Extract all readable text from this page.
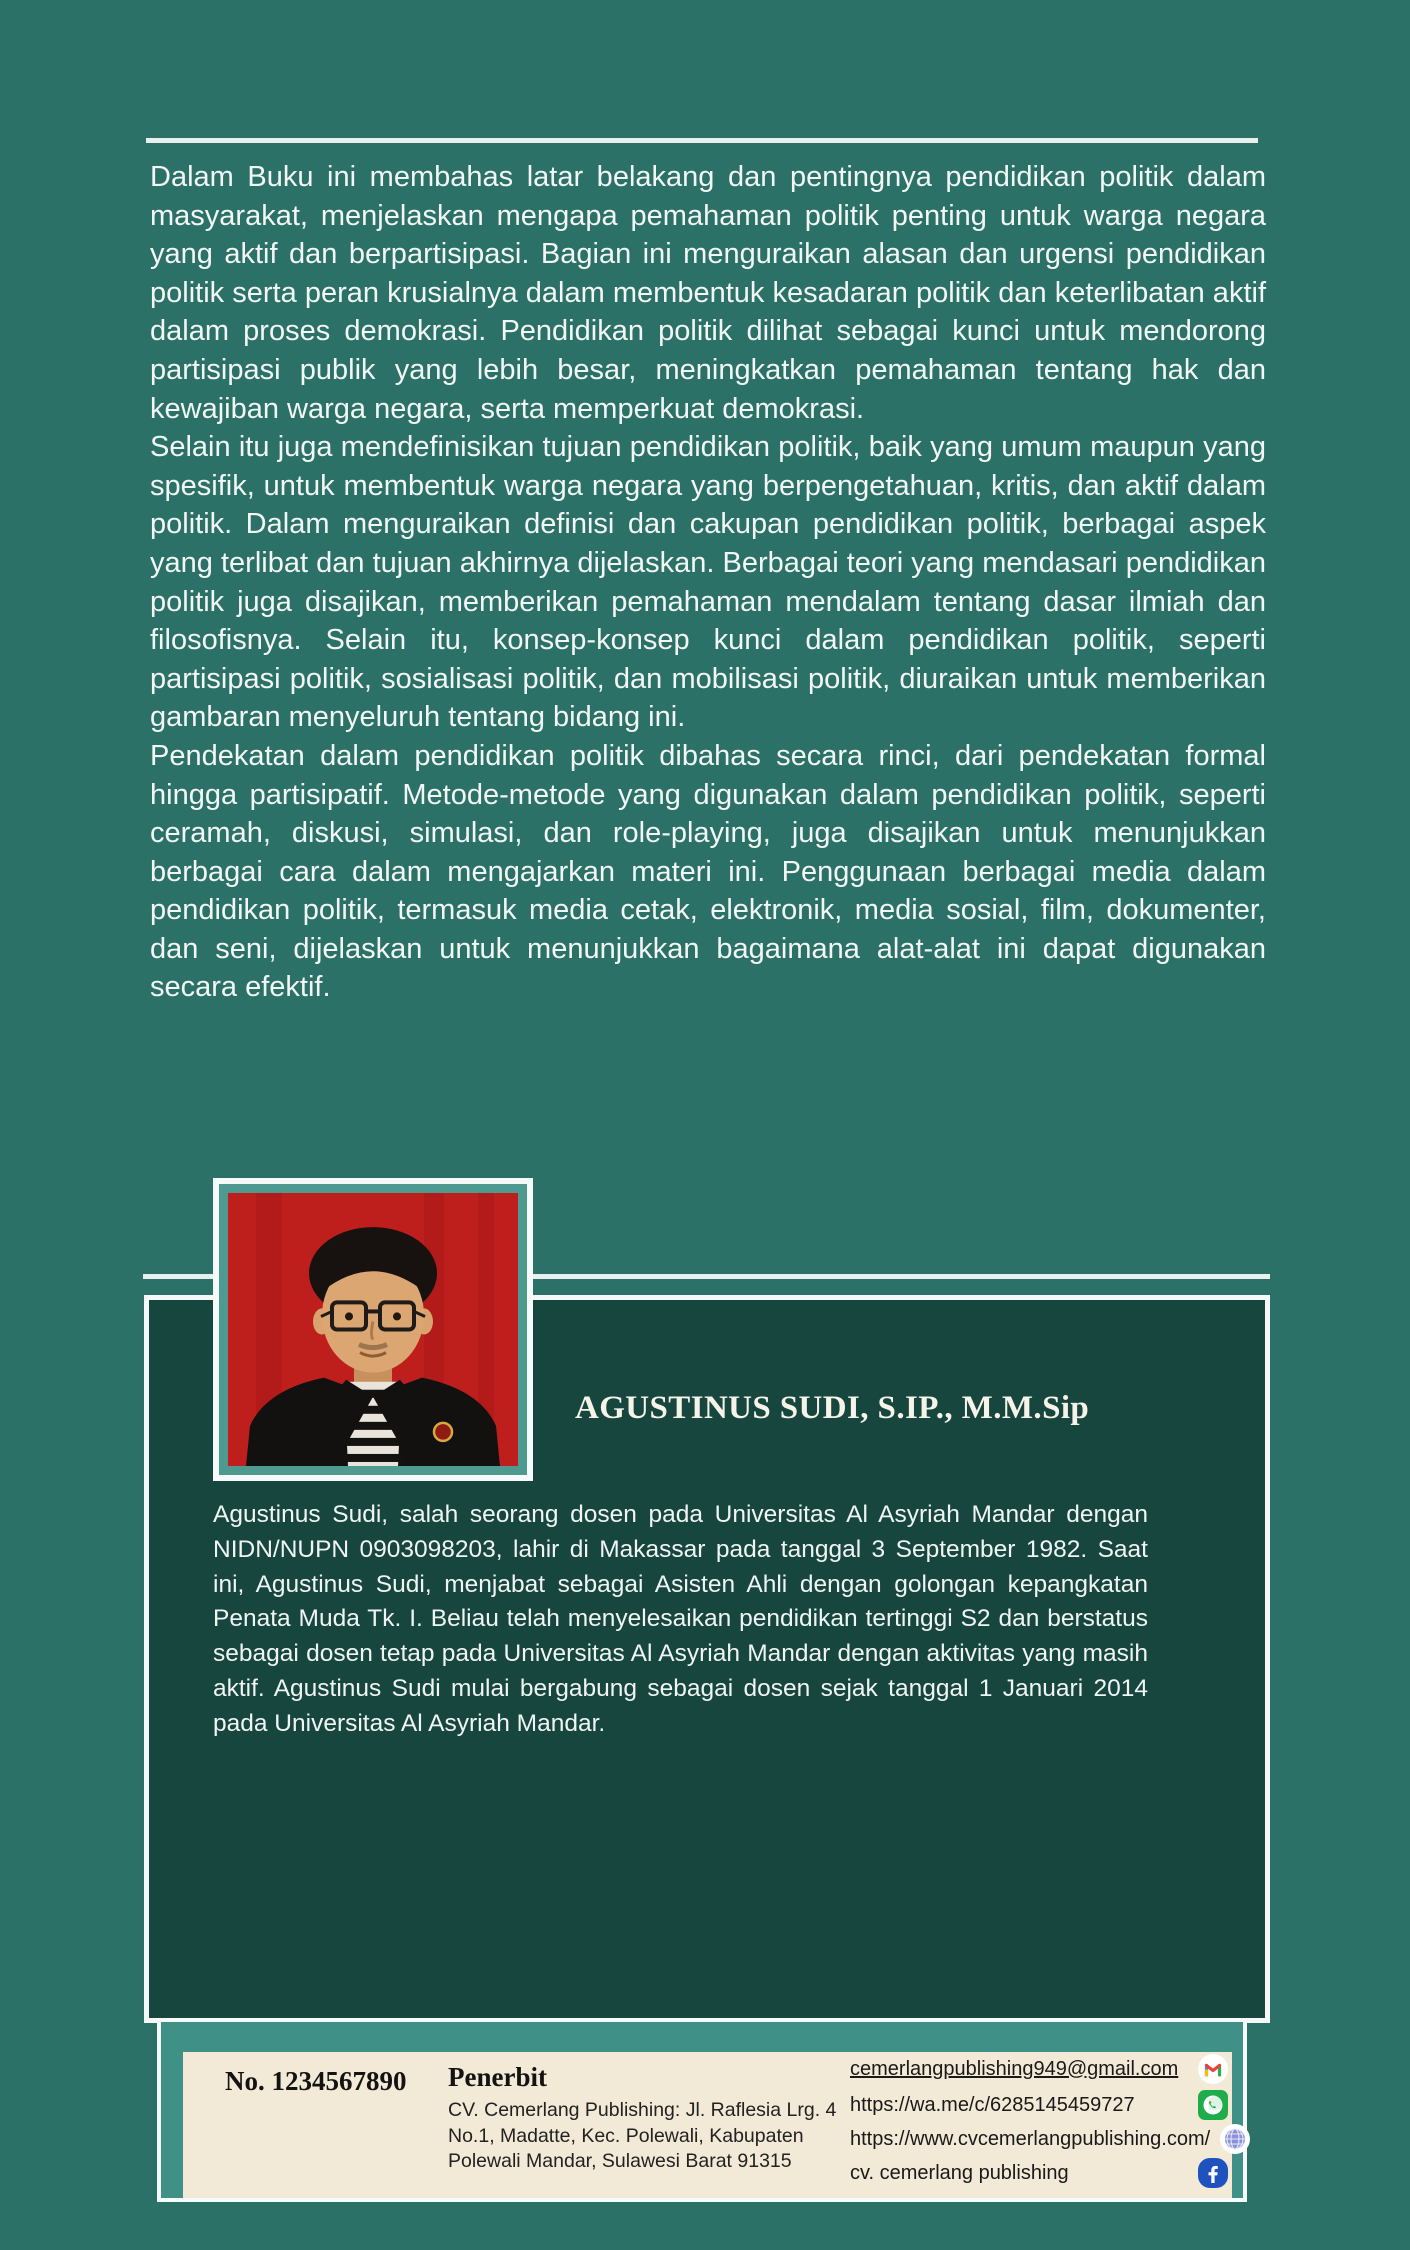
Dalam Buku ini membahas latar belakang dan pentingnya pendidikan politik dalam masyarakat, menjelaskan mengapa pemahaman politik penting untuk warga negara yang aktif dan berpartisipasi. Bagian ini menguraikan alasan dan urgensi pendidikan politik serta peran krusialnya dalam membentuk kesadaran politik dan keterlibatan aktif dalam proses demokrasi. Pendidikan politik dilihat sebagai kunci untuk mendorong partisipasi publik yang lebih besar, meningkatkan pemahaman tentang hak dan kewajiban warga negara, serta memperkuat demokrasi.

Selain itu juga mendefinisikan tujuan pendidikan politik, baik yang umum maupun yang spesifik, untuk membentuk warga negara yang berpengetahuan, kritis, dan aktif dalam politik. Dalam menguraikan definisi dan cakupan pendidikan politik, berbagai aspek yang terlibat dan tujuan akhirnya dijelaskan. Berbagai teori yang mendasari pendidikan politik juga disajikan, memberikan pemahaman mendalam tentang dasar ilmiah dan filosofisnya. Selain itu, konsep-konsep kunci dalam pendidikan politik, seperti partisipasi politik, sosialisasi politik, dan mobilisasi politik, diuraikan untuk memberikan gambaran menyeluruh tentang bidang ini.

Pendekatan dalam pendidikan politik dibahas secara rinci, dari pendekatan formal hingga partisipatif. Metode-metode yang digunakan dalam pendidikan politik, seperti ceramah, diskusi, simulasi, dan role-playing, juga disajikan untuk menunjukkan berbagai cara dalam mengajarkan materi ini. Penggunaan berbagai media dalam pendidikan politik, termasuk media cetak, elektronik, media sosial, film, dokumenter, dan seni, dijelaskan untuk menunjukkan bagaimana alat-alat ini dapat digunakan secara efektif.

AGUSTINUS SUDI, S.IP., M.M.Sip
Agustinus Sudi, salah seorang dosen pada Universitas Al Asyriah Mandar dengan NIDN/NUPN 0903098203, lahir di Makassar pada tanggal 3 September 1982. Saat ini, Agustinus Sudi, menjabat sebagai Asisten Ahli dengan golongan kepangkatan Penata Muda Tk. I. Beliau telah menyelesaikan pendidikan tertinggi S2 dan berstatus sebagai dosen tetap pada Universitas Al Asyriah Mandar dengan aktivitas yang masih aktif. Agustinus Sudi mulai bergabung sebagai dosen sejak tanggal 1 Januari 2014 pada Universitas Al Asyriah Mandar.
No. 1234567890 Penerbit
CV. Cemerlang Publishing: Jl. Raflesia Lrg. 4
No.1, Madatte, Kec. Polewali, Kabupaten
Polewali Mandar, Sulawesi Barat 91315
cemerlangpublishing949@gmail.com
https://wa.me/c/6285145459727
https://www.cvcemerlangpublishing.com/
cv. cemerlang publishing
